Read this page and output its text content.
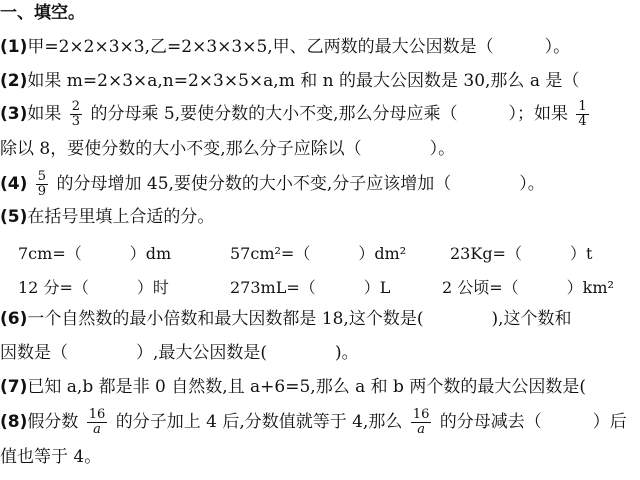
一、填空。
(1)甲=2×2×3×3,乙=2×3×3×5,甲、乙两数的最大公因数是（　　　）。
(2)如果 m=2×3×a,n=2×3×5×a,m 和 n 的最大公因数是 30,那么 a 是（
(3)如果 $\frac{2}{3}$ 的分母乘 5,要使分数的大小不变,那么分母应乘（　　　）；如果 $\frac{1}{4}$
除以 8，要使分数的大小不变,那么分子应除以（　　　　）。
$(4) \frac{5}{9}$ 的分母增加 45,要使分数的大小不变,分子应该增加（　　　　）。
(5)在括号里填上合适的分。
7cm=（　　　）dm	57cm²=（　　　）dm²	23Kg=（　　　）t
12 分=（　　　）时	273mL=（　　　）L	2 公顷=（　　　）km²
(6)一个自然数的最小倍数和最大因数都是 18,这个数是(　　　　),这个数和
因数是（　　　　）,最大公因数是(　　　　)。
(7)已知 a,b 都是非 0 自然数,且 a+6=5,那么 a 和 b 两个数的最大公因数是(
(8)假分数 $\frac{16}{a}$ 的分子加上 4 后,分数值就等于 4,那么 $\frac{16}{a}$ 的分母减去（　　　）后
值也等于 4。
